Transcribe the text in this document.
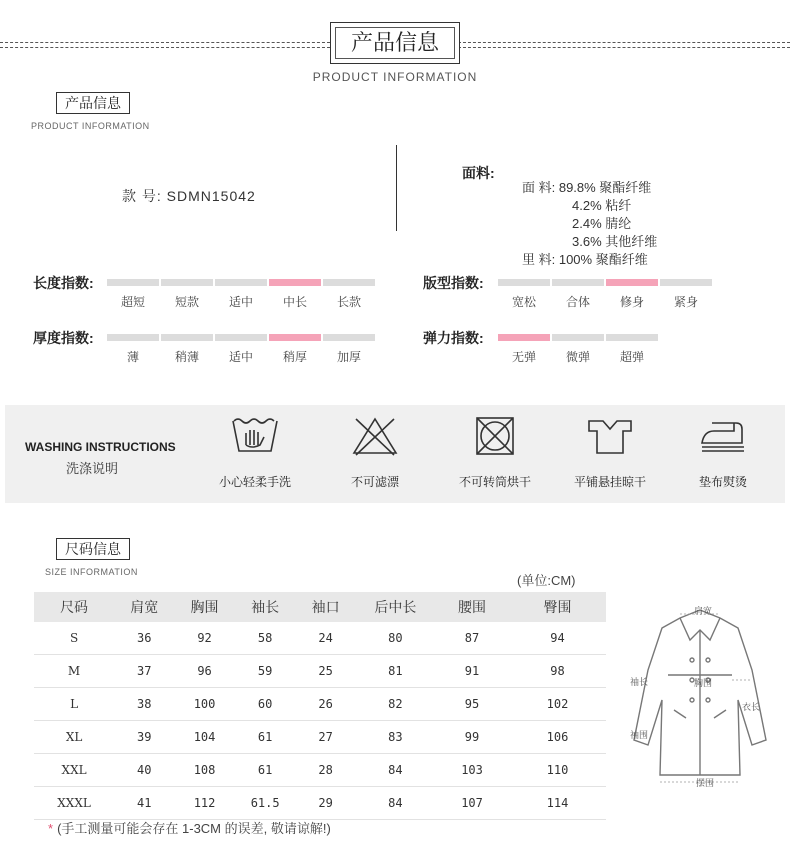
产品信息
PRODUCT INFORMATION
产品信息
PRODUCT INFORMATION
款 号: SDMN15042
面料:
面 料: 89.8% 聚酯纤维
4.2% 粘纤
2.4% 腈纶
3.6% 其他纤维
里 料: 100% 聚酯纤维
长度指数:
厚度指数:
版型指数:
弹力指数:
WASHING INSTRUCTIONS
洗涤说明
小心轻柔手洗	不可滤漂	不可转筒烘干	平铺悬挂晾干	垫布熨烫
尺码信息
SIZE INFORMATION
(单位:CM)
尺码	肩宽	胸围	袖长	袖口	后中长	腰围	臀围
S	36	92	58	24	80	87	94
M	37	96	59	25	81	91	98
L	38	100	60	26	82	95	102
XL	39	104	61	27	83	99	106
XXL	40	108	61	28	84	103	110
XXXL	41	112	61.5	29	84	107	114
* (手工测量可能会存在 1-3CM 的误差, 敬请谅解!)
肩宽
袖长	胸围
衣长
袖围
摆围
超短	短款	适中	中长	长款
薄	稍薄	适中	稍厚	加厚
宽松	合体	修身	紧身
无弹	微弹	超弹
